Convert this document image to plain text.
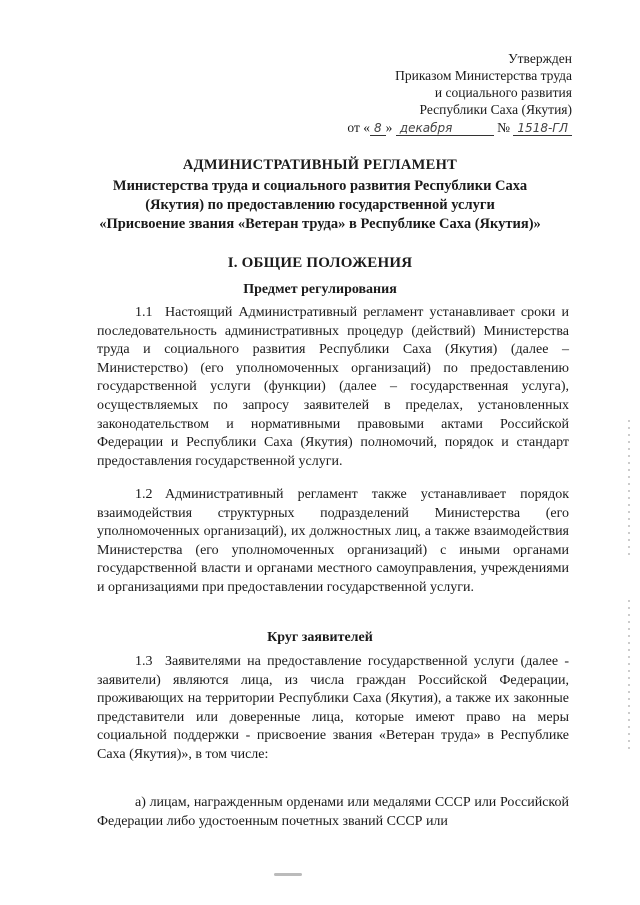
Утвержден
Приказом Министерства труда
и социального развития
Республики Саха (Якутия)
от « 8 » декабря	№ 1518-ГЛ
АДМИНИСТРАТИВНЫЙ РЕГЛАМЕНТ
Министерства труда и социального развития Республики Саха
(Якутия) по предоставлению государственной услуги
«Присвоение звания «Ветеран труда» в Республике Саха (Якутия)»
I. ОБЩИЕ ПОЛОЖЕНИЯ
Предмет регулирования

1.1 Настоящий Административный регламент устанавливает сроки и последовательность административных процедур (действий) Министерства труда и социального развития Республики Саха (Якутия) (далее – Министерство) (его уполномоченных организаций) по предоставлению государственной услуги (функции) (далее – государственная услуга), осуществляемых по запросу заявителей в пределах, установленных законодательством и нормативными правовыми актами Российской Федерации и Республики Саха (Якутия) полномочий, порядок и стандарт предоставления государственной услуги.

1.2 Административный регламент также устанавливает порядок взаимодействия структурных подразделений Министерства (его уполномоченных организаций), их должностных лиц, а также взаимодействия Министерства (его уполномоченных организаций) с иными органами государственной власти и органами местного самоуправления, учреждениями и организациями при предоставлении государственной услуги.

Круг заявителей

1.3 Заявителями на предоставление государственной услуги (далее - заявители) являются лица, из числа граждан Российской Федерации, проживающих на территории Республики Саха (Якутия), а также их законные представители или доверенные лица, которые имеют право на меры социальной поддержки - присвоение звания «Ветеран труда» в Республике Саха (Якутия)», в том числе:

а) лицам, награжденным орденами или медалями СССР или Российской Федерации либо удостоенным почетных званий СССР или
